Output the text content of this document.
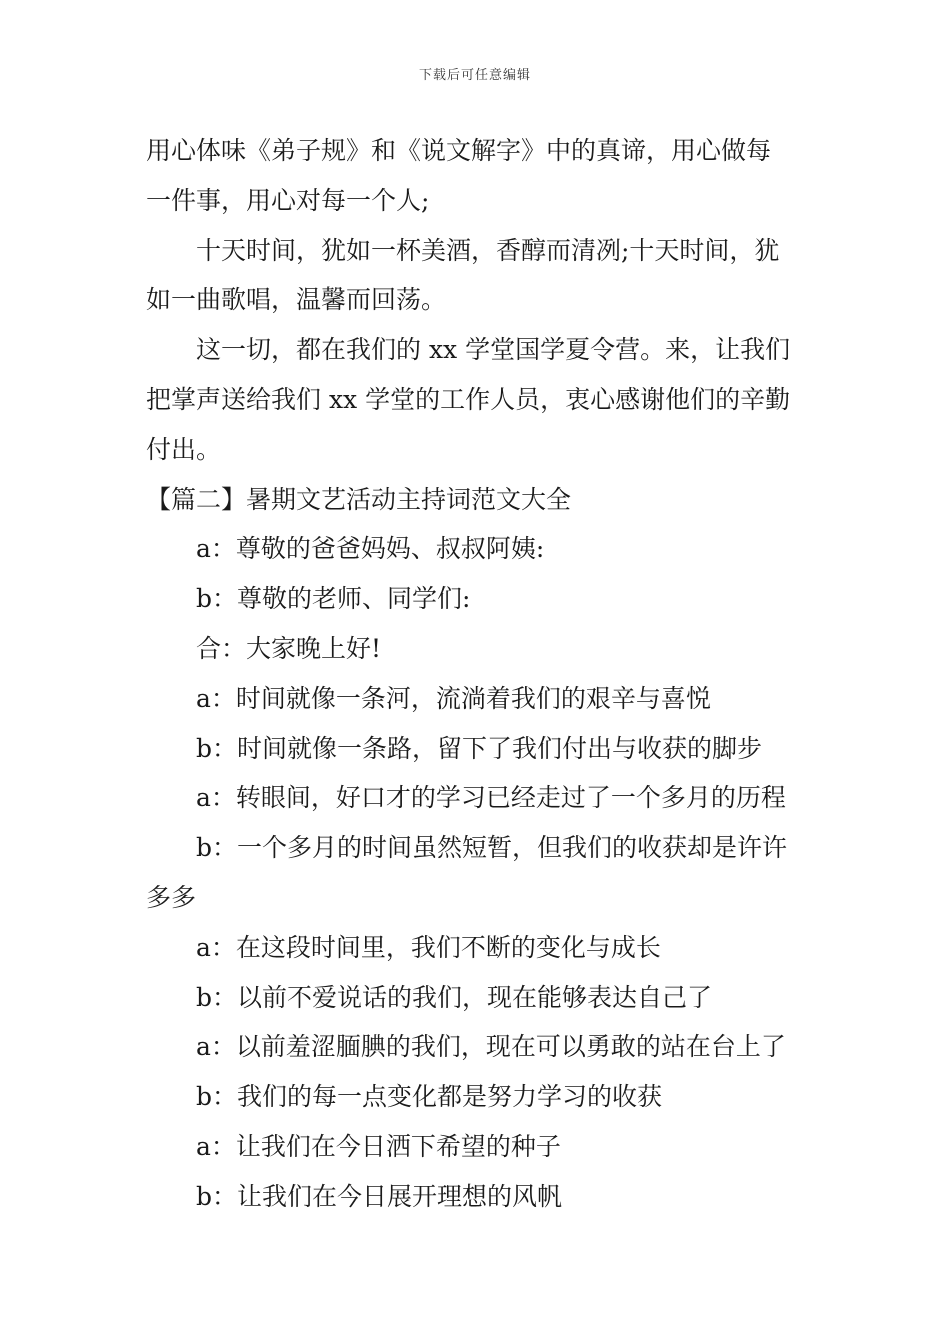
下载后可任意编辑
用心体味《弟子规》和《说文解字》中的真谛，用心做每
一件事，用心对每一个人;
十天时间，犹如一杯美酒，香醇而清冽;十天时间，犹
如一曲歌唱，温馨而回荡。
这一切，都在我们的 xx 学堂国学夏令营。来，让我们
把掌声送给我们 xx 学堂的工作人员，衷心感谢他们的辛勤
付出。
【篇二】暑期文艺活动主持词范文大全
a：尊敬的爸爸妈妈、叔叔阿姨:
b：尊敬的老师、同学们:
合：大家晚上好!
a：时间就像一条河，流淌着我们的艰辛与喜悦
b：时间就像一条路，留下了我们付出与收获的脚步
a：转眼间，好口才的学习已经走过了一个多月的历程
b：一个多月的时间虽然短暂，但我们的收获却是许许
多多
a：在这段时间里，我们不断的变化与成长
b：以前不爱说话的我们，现在能够表达自己了
a：以前羞涩腼腆的我们，现在可以勇敢的站在台上了
b：我们的每一点变化都是努力学习的收获
a：让我们在今日洒下希望的种子
b：让我们在今日展开理想的风帆
